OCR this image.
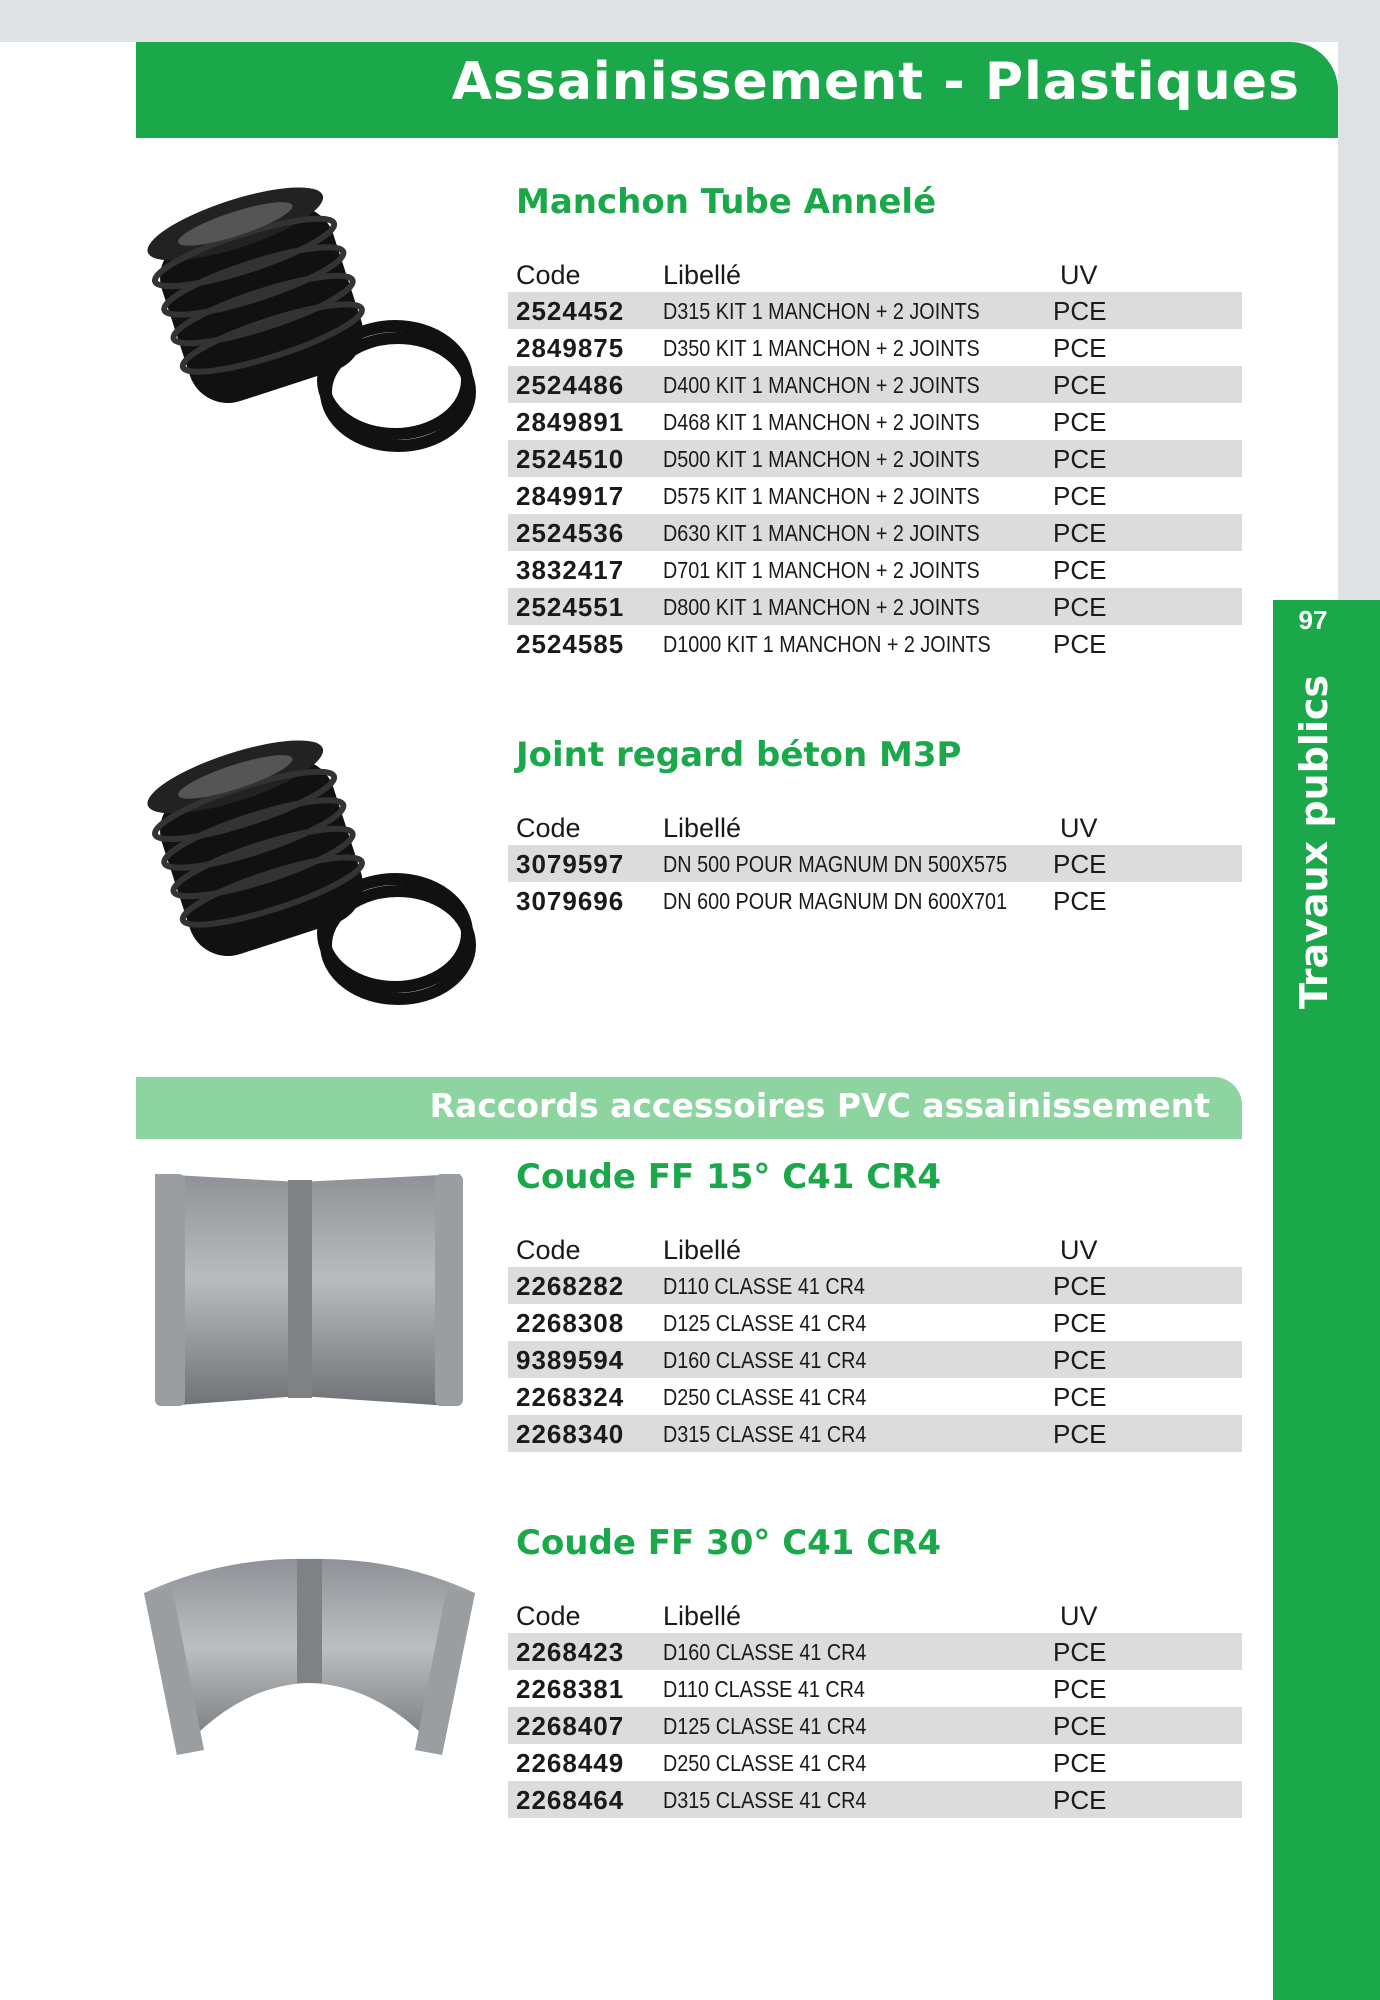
Assainissement - Plastiques
97
Travaux publics
Manchon Tube Annelé
Code	Libellé	UV
2524452 D315 KIT 1 MANCHON + 2 JOINTS	PCE
2849875 D350 KIT 1 MANCHON + 2 JOINTS	PCE
2524486 D400 KIT 1 MANCHON + 2 JOINTS	PCE
2849891 D468 KIT 1 MANCHON + 2 JOINTS	PCE
2524510 D500 KIT 1 MANCHON + 2 JOINTS	PCE
2849917 D575 KIT 1 MANCHON + 2 JOINTS	PCE
2524536 D630 KIT 1 MANCHON + 2 JOINTS	PCE
3832417 D701 KIT 1 MANCHON + 2 JOINTS	PCE
2524551 D800 KIT 1 MANCHON + 2 JOINTS	PCE
2524585 D1000 KIT 1 MANCHON + 2 JOINTS PCE
Joint regard béton M3P
Code	Libellé	UV
3079597 DN 500 POUR MAGNUM DN 500X575 PCE
3079696 DN 600 POUR MAGNUM DN 600X701 PCE
Raccords accessoires PVC assainissement
Coude FF 15° C41 CR4
Code	Libellé	UV
2268282 D110 CLASSE 41 CR4	PCE
2268308 D125 CLASSE 41 CR4	PCE
9389594 D160 CLASSE 41 CR4	PCE
2268324 D250 CLASSE 41 CR4	PCE
2268340 D315 CLASSE 41 CR4	PCE
Coude FF 30° C41 CR4
Code	Libellé	UV
2268423 D160 CLASSE 41 CR4	PCE
2268381 D110 CLASSE 41 CR4	PCE
2268407 D125 CLASSE 41 CR4	PCE
2268449 D250 CLASSE 41 CR4	PCE
2268464 D315 CLASSE 41 CR4	PCE
